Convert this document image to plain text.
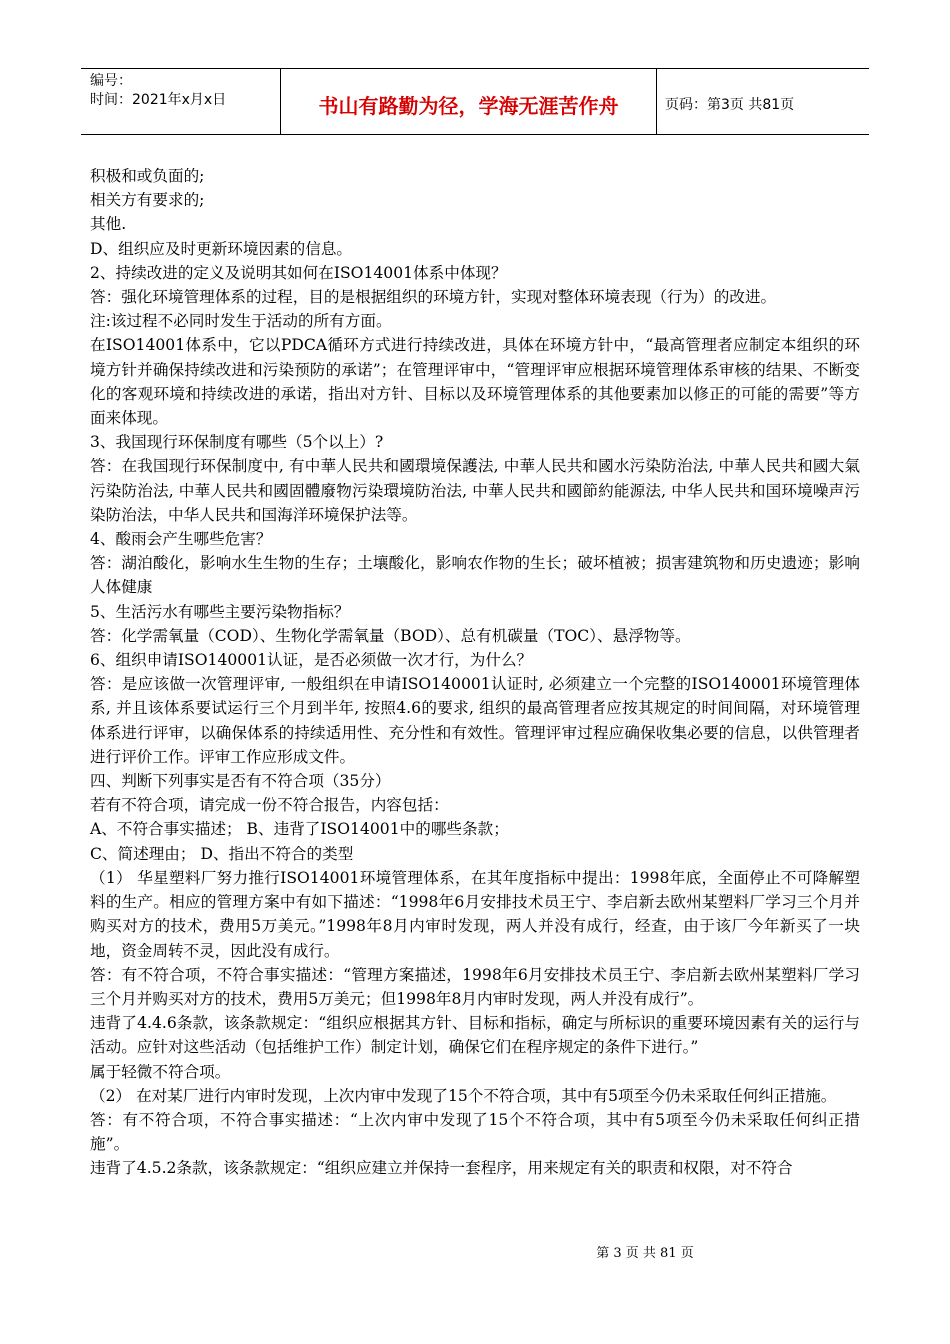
编号：
时间：2021年x月x日	书山有路勤为径，学海无涯苦作舟	页码：第3页 共81页

积极和或负面的;

相关方有要求的;

其他.

D、组织应及时更新环境因素的信息。

2、持续改进的定义及说明其如何在ISO14001体系中体现？

答：强化环境管理体系的过程，目的是根据组织的环境方针，实现对整体环境表现（行为）的改进。

注:该过程不必同时发生于活动的所有方面。

在ISO14001体系中，它以PDCA循环方式进行持续改进，具体在环境方针中，“最高管理者应制定本组织的环境方针并确保持续改进和污染预防的承诺”；在管理评审中，“管理评审应根据环境管理体系审核的结果、不断变化的客观环境和持续改进的承诺，指出对方针、目标以及环境管理体系的其他要素加以修正的可能的需要”等方面来体现。

3、我国现行环保制度有哪些（5个以上）?

答：在我国现行环保制度中, 有中華人民共和國環境保護法, 中華人民共和國水污染防治法, 中華人民共和國大氣污染防治法, 中華人民共和國固體廢物污染環境防治法, 中華人民共和國節約能源法, 中华人民共和国环境噪声污染防治法，中华人民共和国海洋环境保护法等。

4、酸雨会产生哪些危害？

答：湖泊酸化，影响水生生物的生存；土壤酸化，影响农作物的生长；破坏植被；损害建筑物和历史遗迹；影响人体健康

5、生活污水有哪些主要污染物指标？

答：化学需氧量（COD）、生物化学需氧量（BOD）、总有机碳量（TOC）、悬浮物等。

6、组织申请ISO140001认证，是否必须做一次才行，为什么？

答：是应该做一次管理评审, 一般组织在申请ISO140001认证时, 必须建立一个完整的ISO140001环境管理体系, 并且该体系要试运行三个月到半年, 按照4.6的要求, 组织的最高管理者应按其规定的时间间隔，对环境管理体系进行评审，以确保体系的持续适用性、充分性和有效性。管理评审过程应确保收集必要的信息，以供管理者进行评价工作。评审工作应形成文件。

四、判断下列事实是否有不符合项（35分）

若有不符合项，请完成一份不符合报告，内容包括：

A、不符合事实描述； B、违背了ISO14001中的哪些条款；

C、简述理由； D、指出不符合的类型

（1） 华星塑料厂努力推行ISO14001环境管理体系，在其年度指标中提出：1998年底，全面停止不可降解塑料的生产。相应的管理方案中有如下描述：“1998年6月安排技术员王宁、李启新去欧州某塑料厂学习三个月并购买对方的技术，费用5万美元。”1998年8月内审时发现，两人并没有成行，经查，由于该厂今年新买了一块地，资金周转不灵，因此没有成行。

答：有不符合项，不符合事实描述：“管理方案描述，1998年6月安排技术员王宁、李启新去欧州某塑料厂学习三个月并购买对方的技术，费用5万美元；但1998年8月内审时发现，两人并没有成行”。

违背了4.4.6条款，该条款规定：“组织应根据其方针、目标和指标，确定与所标识的重要环境因素有关的运行与活动。应针对这些活动（包括维护工作）制定计划，确保它们在程序规定的条件下进行。”

属于轻微不符合项。

（2） 在对某厂进行内审时发现，上次内审中发现了15个不符合项，其中有5项至今仍未采取任何纠正措施。

答：有不符合项，不符合事实描述：“上次内审中发现了15个不符合项，其中有5项至今仍未采取任何纠正措施”。

违背了4.5.2条款，该条款规定：“组织应建立并保持一套程序，用来规定有关的职责和权限，对不符合

第 3 页 共 81 页
